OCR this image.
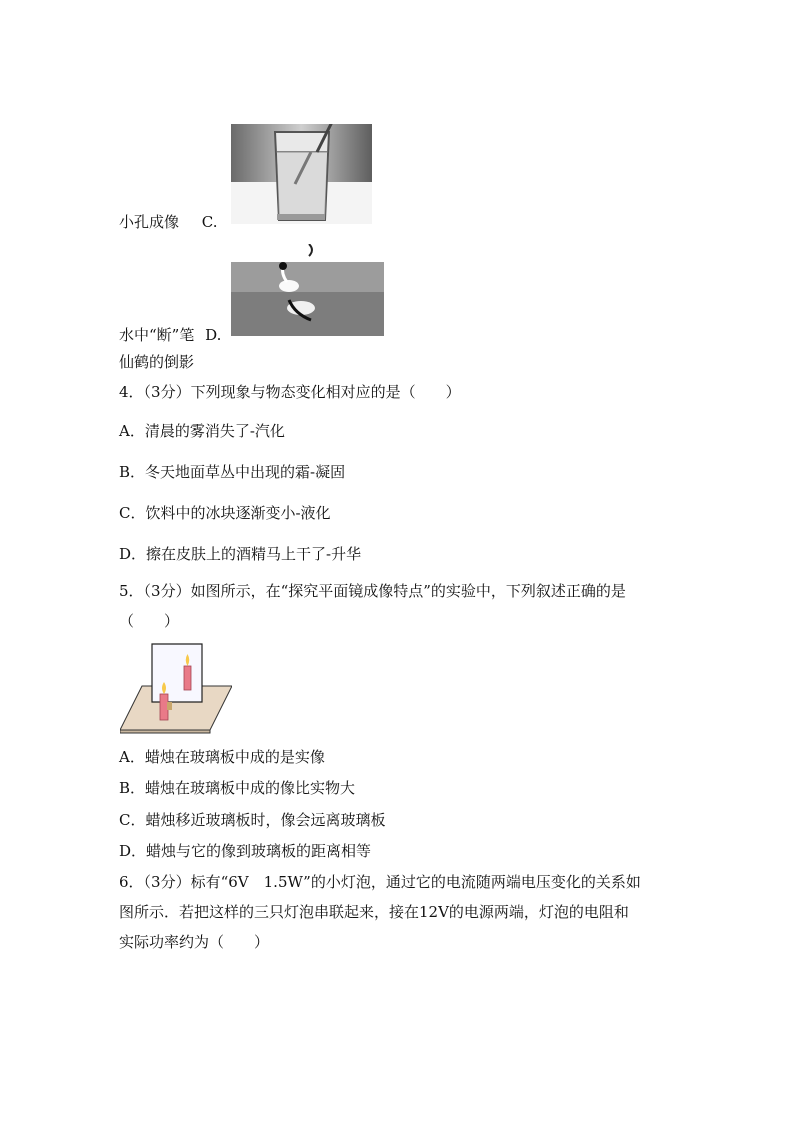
小孔成像 C.
水中“断”笔 D.
仙鹤的倒影
4．（3分）下列现象与物态变化相对应的是（　　）
A．清晨的雾消失了-汽化
B．冬天地面草丛中出现的霜-凝固
C．饮料中的冰块逐渐变小-液化
D．擦在皮肤上的酒精马上干了-升华
5．（3分）如图所示，在“探究平面镜成像特点”的实验中，下列叙述正确的是
（　　）
A．蜡烛在玻璃板中成的是实像
B．蜡烛在玻璃板中成的像比实物大
C．蜡烛移近玻璃板时，像会远离玻璃板
D．蜡烛与它的像到玻璃板的距离相等
6．（3分）标有“6V　1.5W”的小灯泡，通过它的电流随两端电压变化的关系如
图所示．若把这样的三只灯泡串联起来，接在12V的电源两端，灯泡的电阻和
实际功率约为（　　）
